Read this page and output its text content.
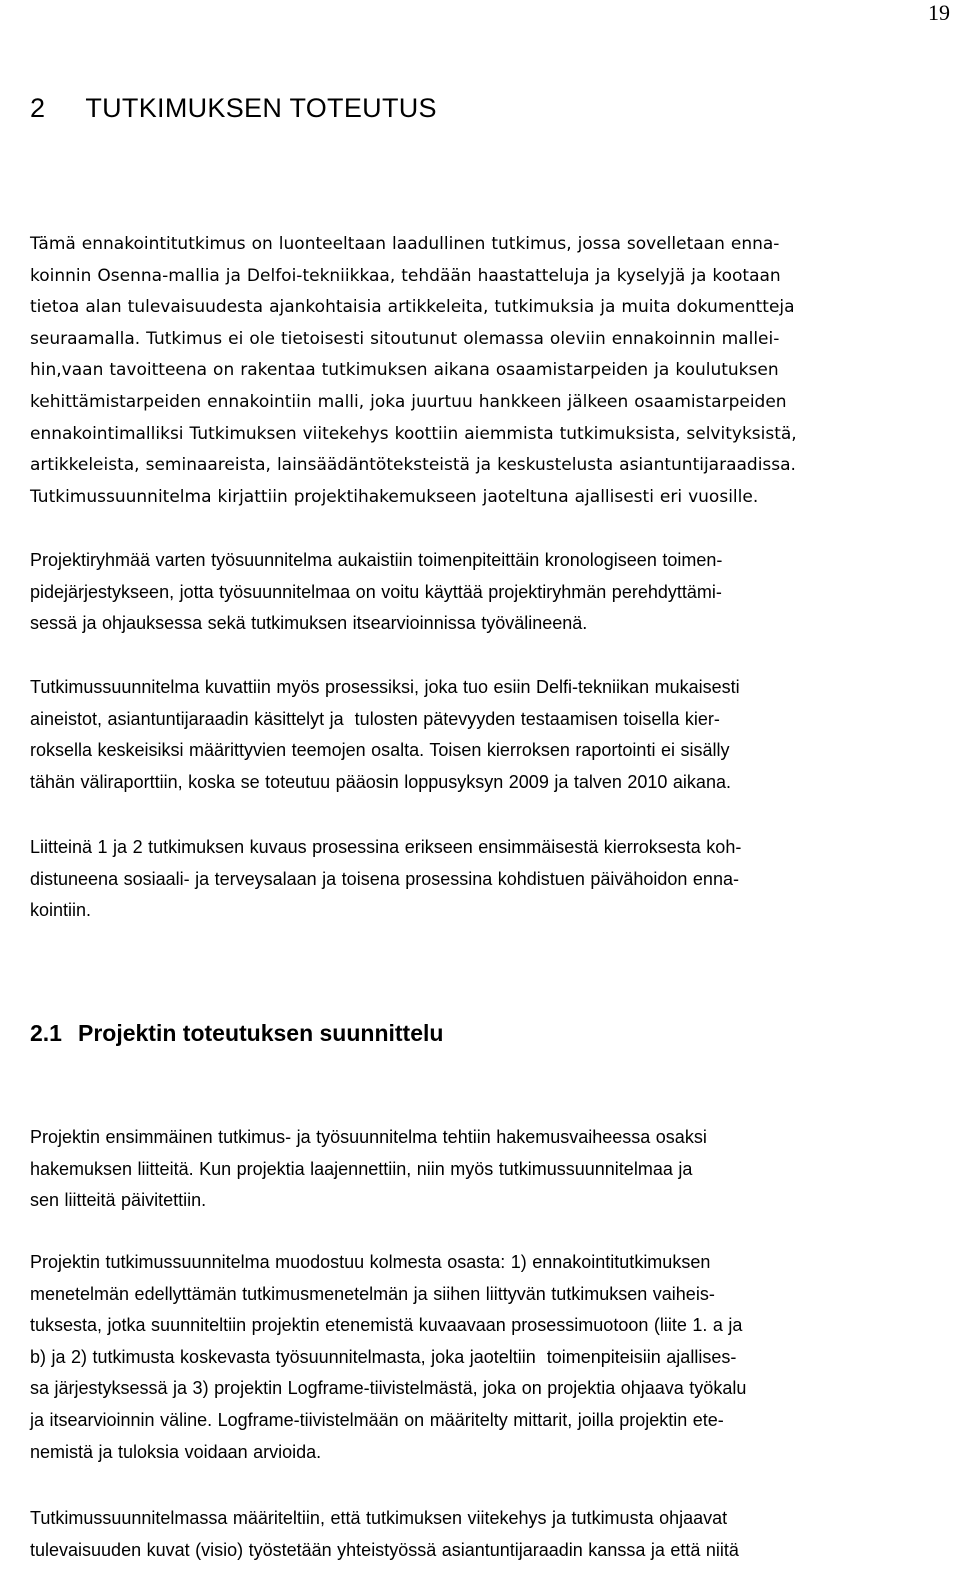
19
2 TUTKIMUKSEN TOTEUTUS
Tämä ennakointitutkimus on luonteeltaan laadullinen tutkimus, jossa sovelletaan enna-
koinnin Osenna-mallia ja Delfoi-tekniikkaa, tehdään haastatteluja ja kyselyjä ja kootaan
tietoa alan tulevaisuudesta ajankohtaisia artikkeleita, tutkimuksia ja muita dokumentteja
seuraamalla. Tutkimus ei ole tietoisesti sitoutunut olemassa oleviin ennakoinnin mallei-
hin,vaan tavoitteena on rakentaa tutkimuksen aikana osaamistarpeiden ja koulutuksen
kehittämistarpeiden ennakointiin malli, joka juurtuu hankkeen jälkeen osaamistarpeiden
ennakointimalliksi Tutkimuksen viitekehys koottiin aiemmista tutkimuksista, selvityksistä,
artikkeleista, seminaareista, lainsäädäntöteksteistä ja keskustelusta asiantuntijaraadissa.
Tutkimussuunnitelma kirjattiin projektihakemukseen jaoteltuna ajallisesti eri vuosille.
Projektiryhmää varten työsuunnitelma aukaistiin toimenpiteittäin kronologiseen toimen-
pidejärjestykseen, jotta työsuunnitelmaa on voitu käyttää projektiryhmän perehdyttämi-
sessä ja ohjauksessa sekä tutkimuksen itsearvioinnissa työvälineenä.
Tutkimussuunnitelma kuvattiin myös prosessiksi, joka tuo esiin Delfi-tekniikan mukaisesti
aineistot, asiantuntijaraadin käsittelyt ja  tulosten pätevyyden testaamisen toisella kier-
roksella keskeisiksi määrittyvien teemojen osalta. Toisen kierroksen raportointi ei sisälly
tähän väliraporttiin, koska se toteutuu pääosin loppusyksyn 2009 ja talven 2010 aikana.
Liitteinä 1 ja 2 tutkimuksen kuvaus prosessina erikseen ensimmäisestä kierroksesta koh-
distuneena sosiaali- ja terveysalaan ja toisena prosessina kohdistuen päivähoidon enna-
kointiin.
2.1 Projektin toteutuksen suunnittelu
Projektin ensimmäinen tutkimus- ja työsuunnitelma tehtiin hakemusvaiheessa osaksi
hakemuksen liitteitä. Kun projektia laajennettiin, niin myös tutkimussuunnitelmaa ja
sen liitteitä päivitettiin.
Projektin tutkimussuunnitelma muodostuu kolmesta osasta: 1) ennakointitutkimuksen
menetelmän edellyttämän tutkimusmenetelmän ja siihen liittyvän tutkimuksen vaiheis-
tuksesta, jotka suunniteltiin projektin etenemistä kuvaavaan prosessimuotoon (liite 1. a ja
b) ja 2) tutkimusta koskevasta työsuunnitelmasta, joka jaoteltiin  toimenpiteisiin ajallises-
sa järjestyksessä ja 3) projektin Logframe-tiivistelmästä, joka on projektia ohjaava työkalu
ja itsearvioinnin väline. Logframe-tiivistelmään on määritelty mittarit, joilla projektin ete-
nemistä ja tuloksia voidaan arvioida.
Tutkimussuunnitelmassa määriteltiin, että tutkimuksen viitekehys ja tutkimusta ohjaavat
tulevaisuuden kuvat (visio) työstetään yhteistyössä asiantuntijaraadin kanssa ja että niitä
